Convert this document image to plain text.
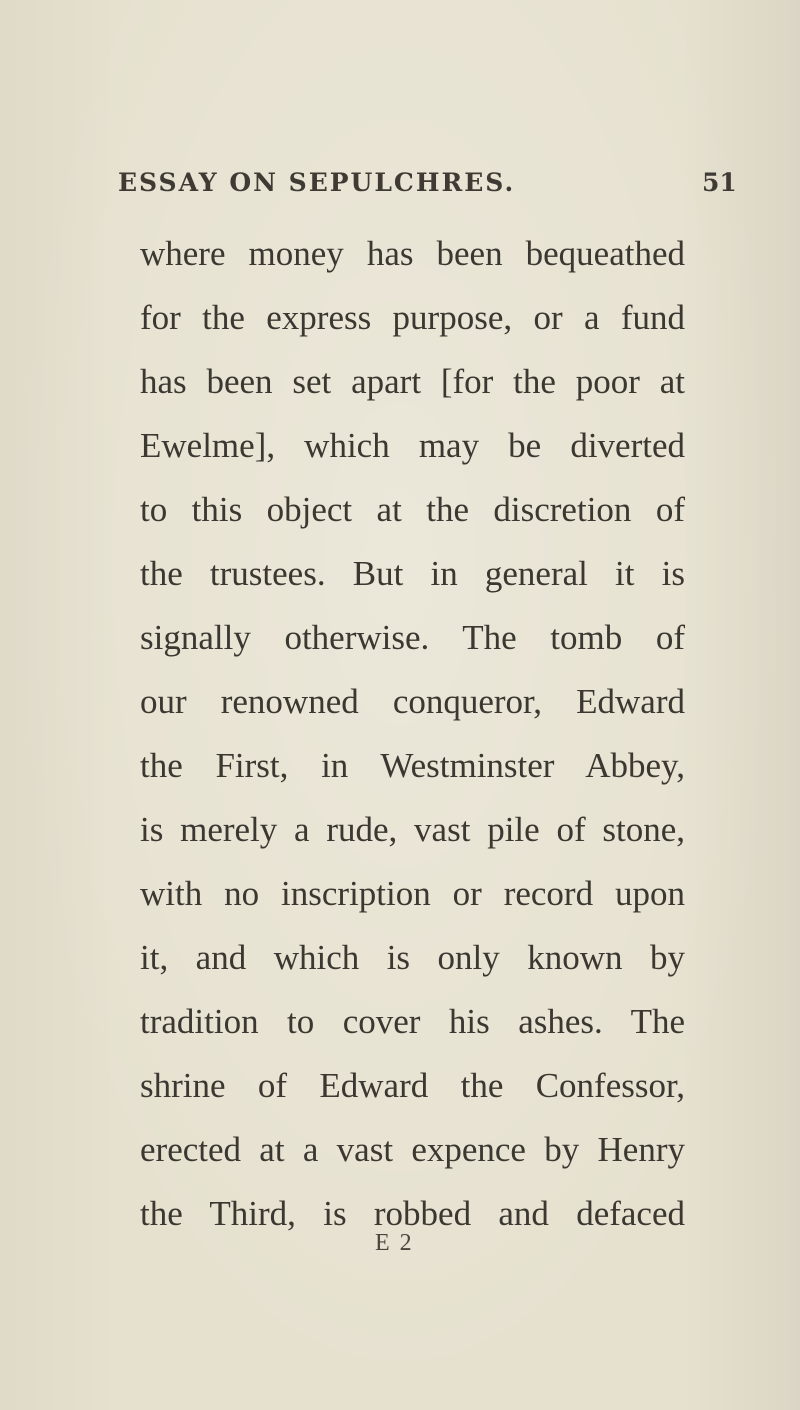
ESSAY ON SEPULCHRES.	51
where money has been bequeathed
for the express purpose, or a fund
has been set apart [for the poor at
Ewelme], which may be diverted
to this object at the discretion of
the trustees. But in general it is
signally otherwise. The tomb of
our renowned conqueror, Edward
the First, in Westminster Abbey,
is merely a rude, vast pile of stone,
with no inscription or record upon
it, and which is only known by
tradition to cover his ashes. The
shrine of Edward the Confessor,
erected at a vast expence by Henry
the Third, is robbed and defaced
E 2
